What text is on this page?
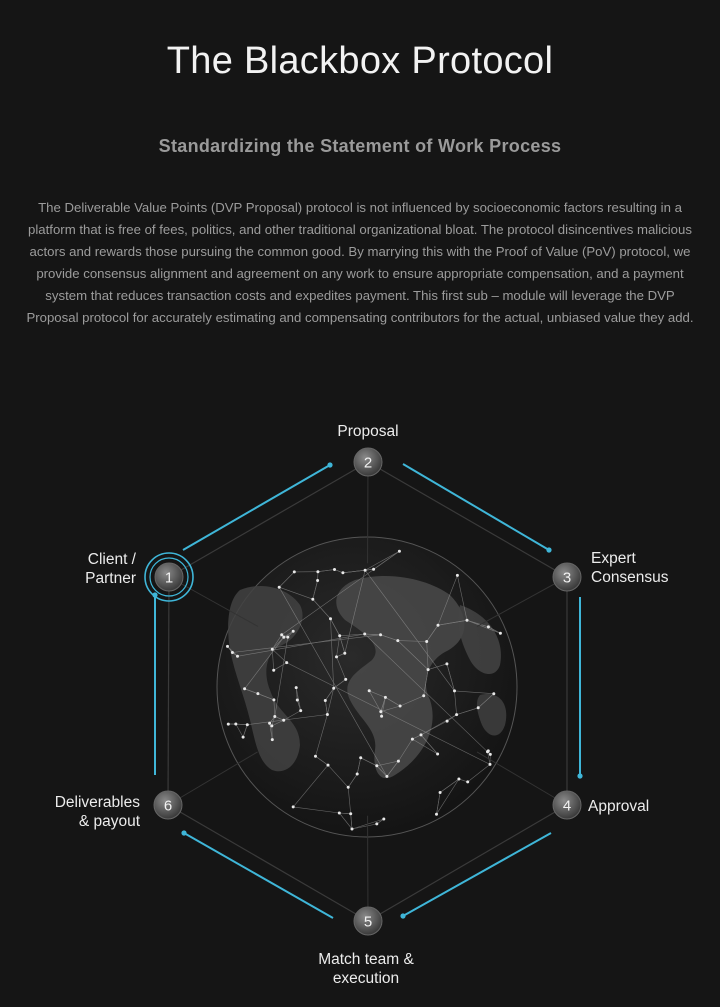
The Blackbox Protocol
Standardizing the Statement of Work Process

The Deliverable Value Points (DVP Proposal) protocol is not influenced by socioeconomic factors resulting in a platform that is free of fees, politics, and other traditional organizational bloat. The protocol disincentives malicious actors and rewards those pursuing the common good. By marrying this with the Proof of Value (PoV) protocol, we provide consensus alignment and agreement on any work to ensure appropriate compensation, and a payment system that reduces transaction costs and expedites payment. This first sub – module will leverage the DVP Proposal protocol for accurately estimating and compensating contributors for the actual, unbiased value they add.

1
2
3
4
5
6
Client /
Partner
Proposal
Expert
Consensus
Approval
Match team &
execution
Deliverables
& payout
